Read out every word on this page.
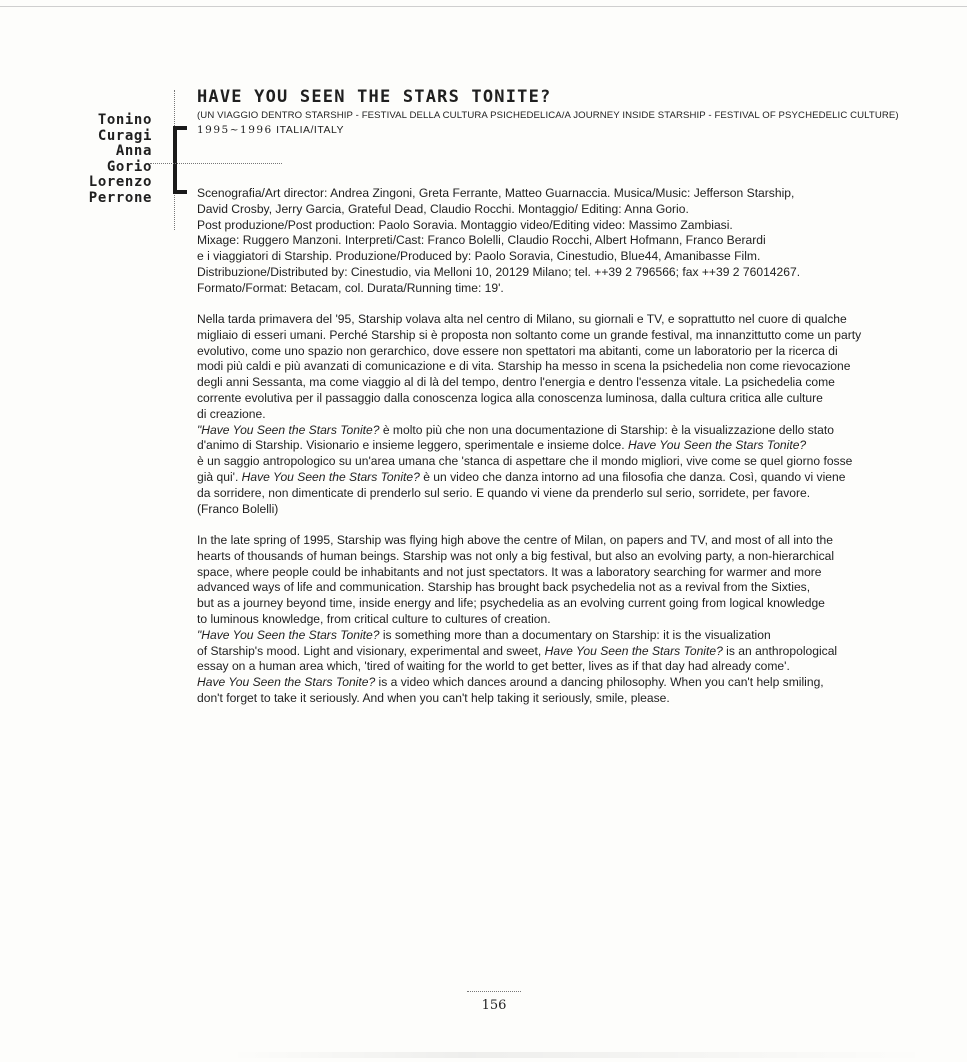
Tonino
Curagi
Anna
Gorio
Lorenzo
Perrone
HAVE YOU SEEN THE STARS TONITE?
(UN VIAGGIO DENTRO STARSHIP - FESTIVAL DELLA CULTURA PSICHEDELICA/A JOURNEY INSIDE STARSHIP - FESTIVAL OF PSYCHEDELIC CULTURE)
1995~1996 ITALIA/ITALY
Scenografia/Art director: Andrea Zingoni, Greta Ferrante, Matteo Guarnaccia. Musica/Music: Jefferson Starship,
David Crosby, Jerry Garcia, Grateful Dead, Claudio Rocchi. Montaggio/ Editing: Anna Gorio.
Post produzione/Post production: Paolo Soravia. Montaggio video/Editing video: Massimo Zambiasi.
Mixage: Ruggero Manzoni. Interpreti/Cast: Franco Bolelli, Claudio Rocchi, Albert Hofmann, Franco Berardi
e i viaggiatori di Starship. Produzione/Produced by: Paolo Soravia, Cinestudio, Blue44, Amanibasse Film.
Distribuzione/Distributed by: Cinestudio, via Melloni 10, 20129 Milano; tel. ++39 2 796566; fax ++39 2 76014267.
Formato/Format: Betacam, col. Durata/Running time: 19'.
Nella tarda primavera del '95, Starship volava alta nel centro di Milano, su giornali e TV, e soprattutto nel cuore di qualche
migliaio di esseri umani. Perché Starship si è proposta non soltanto come un grande festival, ma innanzittutto come un party
evolutivo, come uno spazio non gerarchico, dove essere non spettatori ma abitanti, come un laboratorio per la ricerca di
modi più caldi e più avanzati di comunicazione e di vita. Starship ha messo in scena la psichedelia non come rievocazione
degli anni Sessanta, ma come viaggio al di là del tempo, dentro l'energia e dentro l'essenza vitale. La psichedelia come
corrente evolutiva per il passaggio dalla conoscenza logica alla conoscenza luminosa, dalla cultura critica alle culture
di creazione.
"Have You Seen the Stars Tonite? è molto più che non una documentazione di Starship: è la visualizzazione dello stato
d'animo di Starship. Visionario e insieme leggero, sperimentale e insieme dolce. Have You Seen the Stars Tonite?
è un saggio antropologico su un'area umana che 'stanca di aspettare che il mondo migliori, vive come se quel giorno fosse
già qui'. Have You Seen the Stars Tonite? è un video che danza intorno ad una filosofia che danza. Così, quando vi viene
da sorridere, non dimenticate di prenderlo sul serio. E quando vi viene da prenderlo sul serio, sorridete, per favore.
(Franco Bolelli)
In the late spring of 1995, Starship was flying high above the centre of Milan, on papers and TV, and most of all into the
hearts of thousands of human beings. Starship was not only a big festival, but also an evolving party, a non-hierarchical
space, where people could be inhabitants and not just spectators. It was a laboratory searching for warmer and more
advanced ways of life and communication. Starship has brought back psychedelia not as a revival from the Sixties,
but as a journey beyond time, inside energy and life; psychedelia as an evolving current going from logical knowledge
to luminous knowledge, from critical culture to cultures of creation.
"Have You Seen the Stars Tonite? is something more than a documentary on Starship: it is the visualization
of Starship's mood. Light and visionary, experimental and sweet, Have You Seen the Stars Tonite? is an anthropological
essay on a human area which, 'tired of waiting for the world to get better, lives as if that day had already come'.
Have You Seen the Stars Tonite? is a video which dances around a dancing philosophy. When you can't help smiling,
don't forget to take it seriously. And when you can't help taking it seriously, smile, please.
156
